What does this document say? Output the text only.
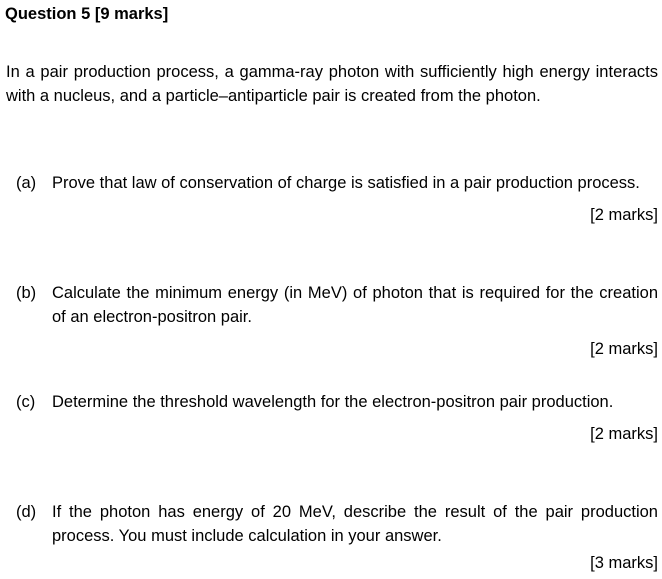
Question 5 [9 marks]
In a pair production process, a gamma-ray photon with sufficiently high energy interacts with a nucleus, and a particle–antiparticle pair is created from the photon.
(a) Prove that law of conservation of charge is satisfied in a pair production process.
[2 marks]
(b) Calculate the minimum energy (in MeV) of photon that is required for the creation of an electron-positron pair.
[2 marks]
(c)	Determine the threshold wavelength for the electron-positron pair production.
[2 marks]
(d) If the photon has energy of 20 MeV, describe the result of the pair production process. You must include calculation in your answer.
[3 marks]
